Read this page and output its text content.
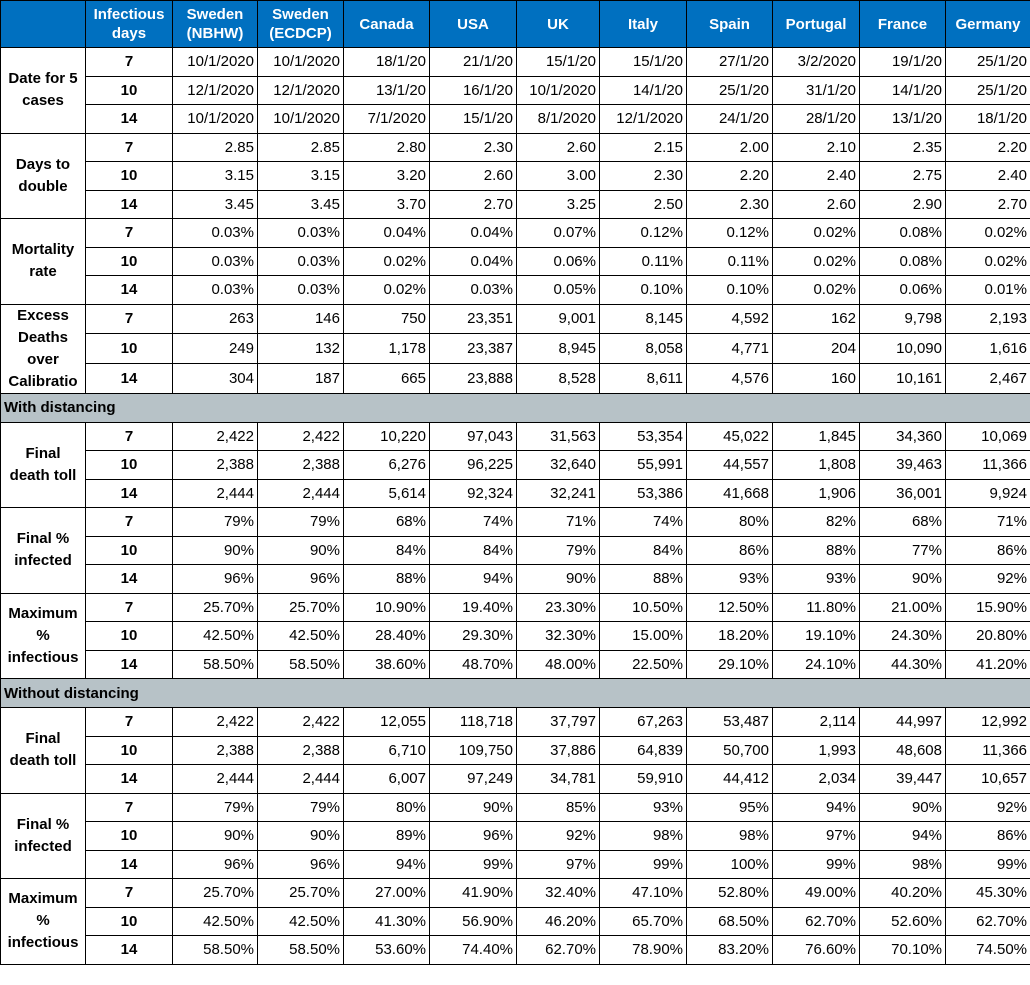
	Infectious days	Sweden (NBHW)	Sweden (ECDCP)	Canada	USA	UK	Italy	Spain	Portugal	France	Germany
Date for 5 cases	7	10/1/2020	10/1/2020	18/1/20	21/1/20	15/1/20	15/1/20	27/1/20	3/2/2020	19/1/20	25/1/20
	10	12/1/2020	12/1/2020	13/1/20	16/1/20	10/1/2020	14/1/20	25/1/20	31/1/20	14/1/20	25/1/20
	14	10/1/2020	10/1/2020	7/1/2020	15/1/20	8/1/2020	12/1/2020	24/1/20	28/1/20	13/1/20	18/1/20
Days to double	7	2.85	2.85	2.80	2.30	2.60	2.15	2.00	2.10	2.35	2.20
	10	3.15	3.15	3.20	2.60	3.00	2.30	2.20	2.40	2.75	2.40
	14	3.45	3.45	3.70	2.70	3.25	2.50	2.30	2.60	2.90	2.70
Mortality rate	7	0.03%	0.03%	0.04%	0.04%	0.07%	0.12%	0.12%	0.02%	0.08%	0.02%
	10	0.03%	0.03%	0.02%	0.04%	0.06%	0.11%	0.11%	0.02%	0.08%	0.02%
	14	0.03%	0.03%	0.02%	0.03%	0.05%	0.10%	0.10%	0.02%	0.06%	0.01%
Excess Deaths over Calibratio	7	263	146	750	23,351	9,001	8,145	4,592	162	9,798	2,193
	10	249	132	1,178	23,387	8,945	8,058	4,771	204	10,090	1,616
	14	304	187	665	23,888	8,528	8,611	4,576	160	10,161	2,467
With distancing											
Final death toll	7	2,422	2,422	10,220	97,043	31,563	53,354	45,022	1,845	34,360	10,069
	10	2,388	2,388	6,276	96,225	32,640	55,991	44,557	1,808	39,463	11,366
	14	2,444	2,444	5,614	92,324	32,241	53,386	41,668	1,906	36,001	9,924
Final % infected	7	79%	79%	68%	74%	71%	74%	80%	82%	68%	71%
	10	90%	90%	84%	84%	79%	84%	86%	88%	77%	86%
	14	96%	96%	88%	94%	90%	88%	93%	93%	90%	92%
Maximum % infectious	7	25.70%	25.70%	10.90%	19.40%	23.30%	10.50%	12.50%	11.80%	21.00%	15.90%
	10	42.50%	42.50%	28.40%	29.30%	32.30%	15.00%	18.20%	19.10%	24.30%	20.80%
	14	58.50%	58.50%	38.60%	48.70%	48.00%	22.50%	29.10%	24.10%	44.30%	41.20%
Without distancing											
Final death toll	7	2,422	2,422	12,055	118,718	37,797	67,263	53,487	2,114	44,997	12,992
	10	2,388	2,388	6,710	109,750	37,886	64,839	50,700	1,993	48,608	11,366
	14	2,444	2,444	6,007	97,249	34,781	59,910	44,412	2,034	39,447	10,657
Final % infected	7	79%	79%	80%	90%	85%	93%	95%	94%	90%	92%
	10	90%	90%	89%	96%	92%	98%	98%	97%	94%	86%
	14	96%	96%	94%	99%	97%	99%	100%	99%	98%	99%
Maximum % infectious	7	25.70%	25.70%	27.00%	41.90%	32.40%	47.10%	52.80%	49.00%	40.20%	45.30%
	10	42.50%	42.50%	41.30%	56.90%	46.20%	65.70%	68.50%	62.70%	52.60%	62.70%
	14	58.50%	58.50%	53.60%	74.40%	62.70%	78.90%	83.20%	76.60%	70.10%	74.50%
